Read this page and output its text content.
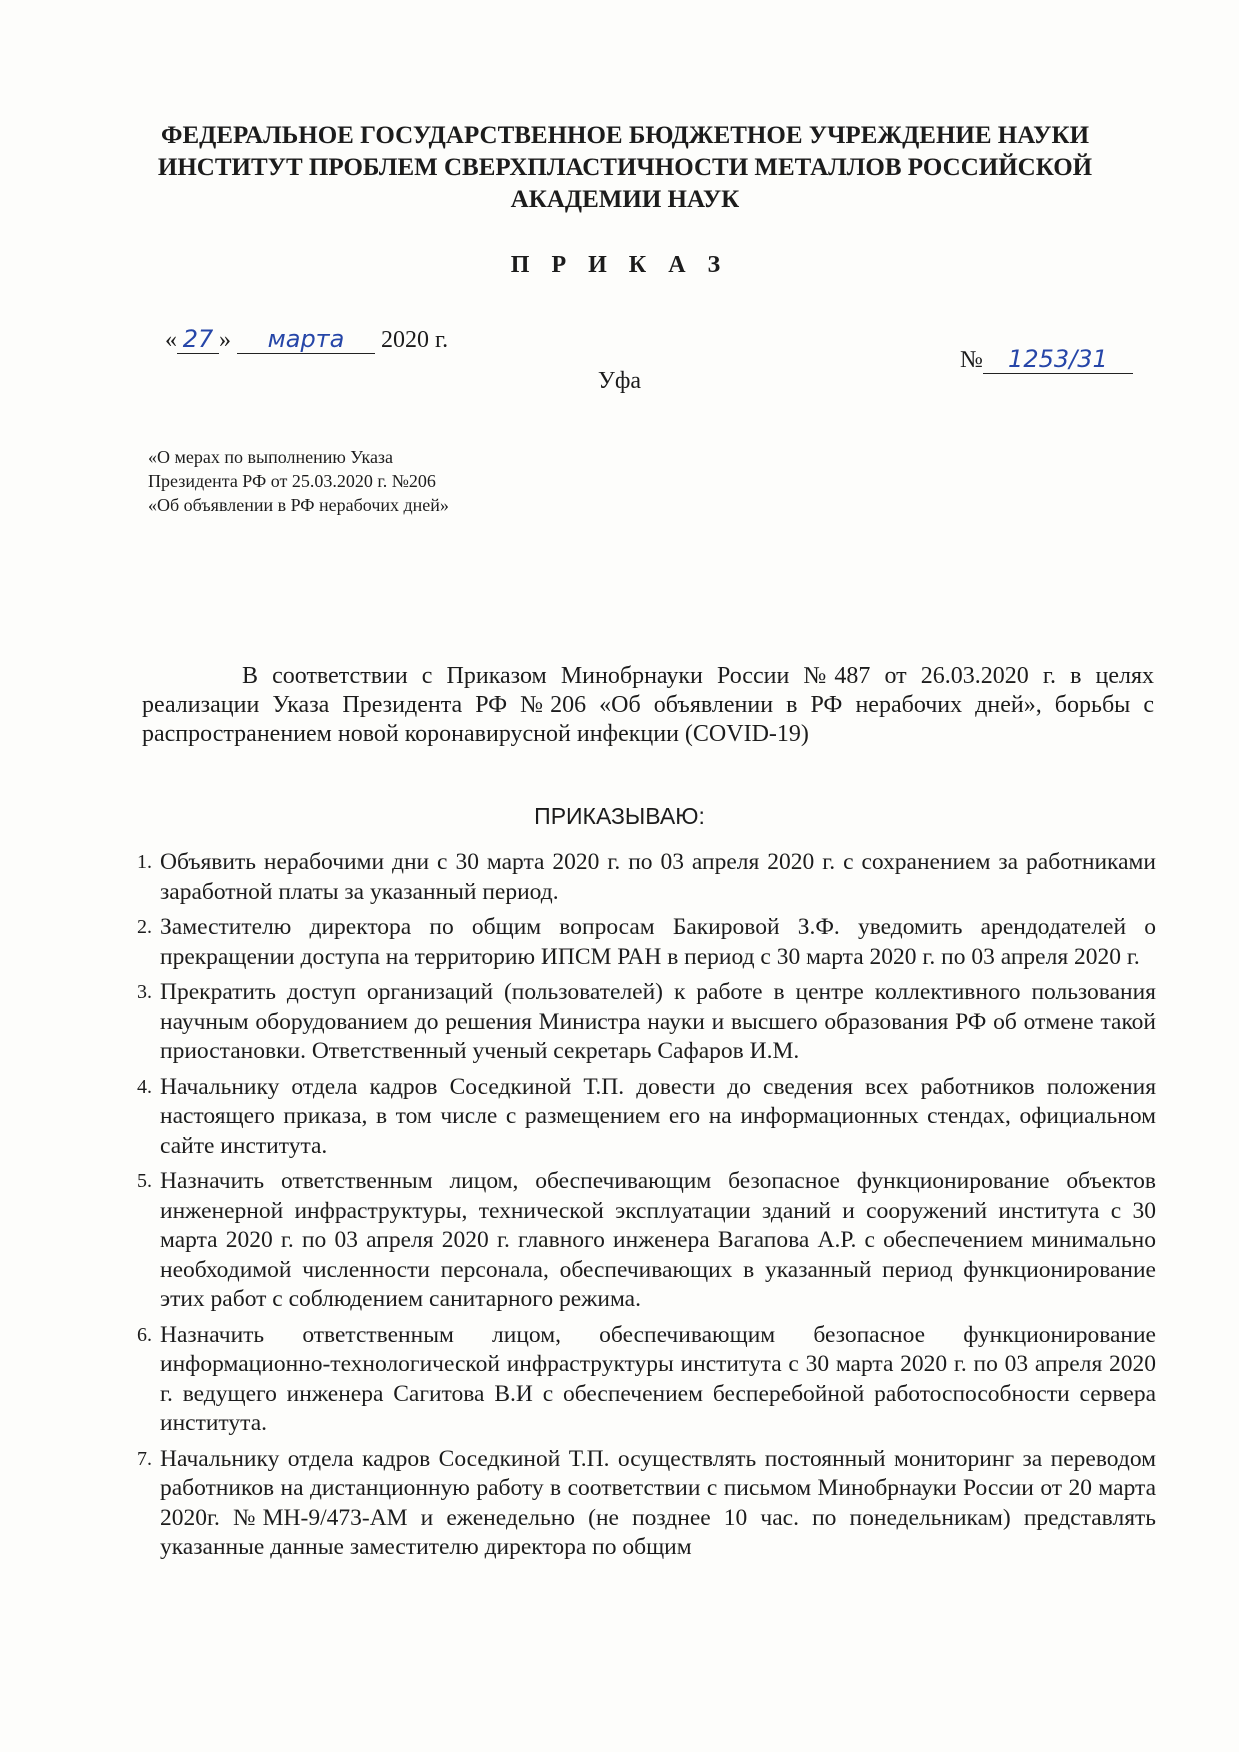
ФЕДЕРАЛЬНОЕ ГОСУДАРСТВЕННОЕ БЮДЖЕТНОЕ УЧРЕЖДЕНИЕ НАУКИ
ИНСТИТУТ ПРОБЛЕМ СВЕРХПЛАСТИЧНОСТИ МЕТАЛЛОВ РОССИЙСКОЙ
АКАДЕМИИ НАУК
П Р И К А З
« 27 » марта 2020 г.
Уфа
№ 1253/31
«О мерах по выполнению Указа
Президента РФ от 25.03.2020 г. №206
«Об объявлении в РФ нерабочих дней»
В соответствии с Приказом Минобрнауки России №487 от 26.03.2020 г. в целях реализации Указа Президента РФ №206 «Об объявлении в РФ нерабочих дней», борьбы с распространением новой коронавирусной инфекции (COVID-19)
ПРИКАЗЫВАЮ:
1. Объявить нерабочими дни с 30 марта 2020 г. по 03 апреля 2020 г. с сохранением за работниками заработной платы за указанный период.
2. Заместителю директора по общим вопросам Бакировой З.Ф. уведомить арендодателей о прекращении доступа на территорию ИПСМ РАН в период с 30 марта 2020 г. по 03 апреля 2020 г.
3. Прекратить доступ организаций (пользователей) к работе в центре коллективного пользования научным оборудованием до решения Министра науки и высшего образования РФ об отмене такой приостановки. Ответственный ученый секретарь Сафаров И.М.
4. Начальнику отдела кадров Соседкиной Т.П. довести до сведения всех работников положения настоящего приказа, в том числе с размещением его на информационных стендах, официальном сайте института.
5. Назначить ответственным лицом, обеспечивающим безопасное функционирование объектов инженерной инфраструктуры, технической эксплуатации зданий и сооружений института с 30 марта 2020 г. по 03 апреля 2020 г. главного инженера Вагапова А.Р. с обеспечением минимально необходимой численности персонала, обеспечивающих в указанный период функционирование этих работ с соблюдением санитарного режима.
6. Назначить ответственным лицом, обеспечивающим безопасное функционирование информационно-технологической инфраструктуры института с 30 марта 2020 г. по 03 апреля 2020 г. ведущего инженера Сагитова В.И с обеспечением бесперебойной работоспособности сервера института.
7. Начальнику отдела кадров Соседкиной Т.П. осуществлять постоянный мониторинг за переводом работников на дистанционную работу в соответствии с письмом Минобрнауки России от 20 марта 2020г. №МН-9/473-АМ и еженедельно (не позднее 10 час. по понедельникам) представлять указанные данные заместителю директора по общим
